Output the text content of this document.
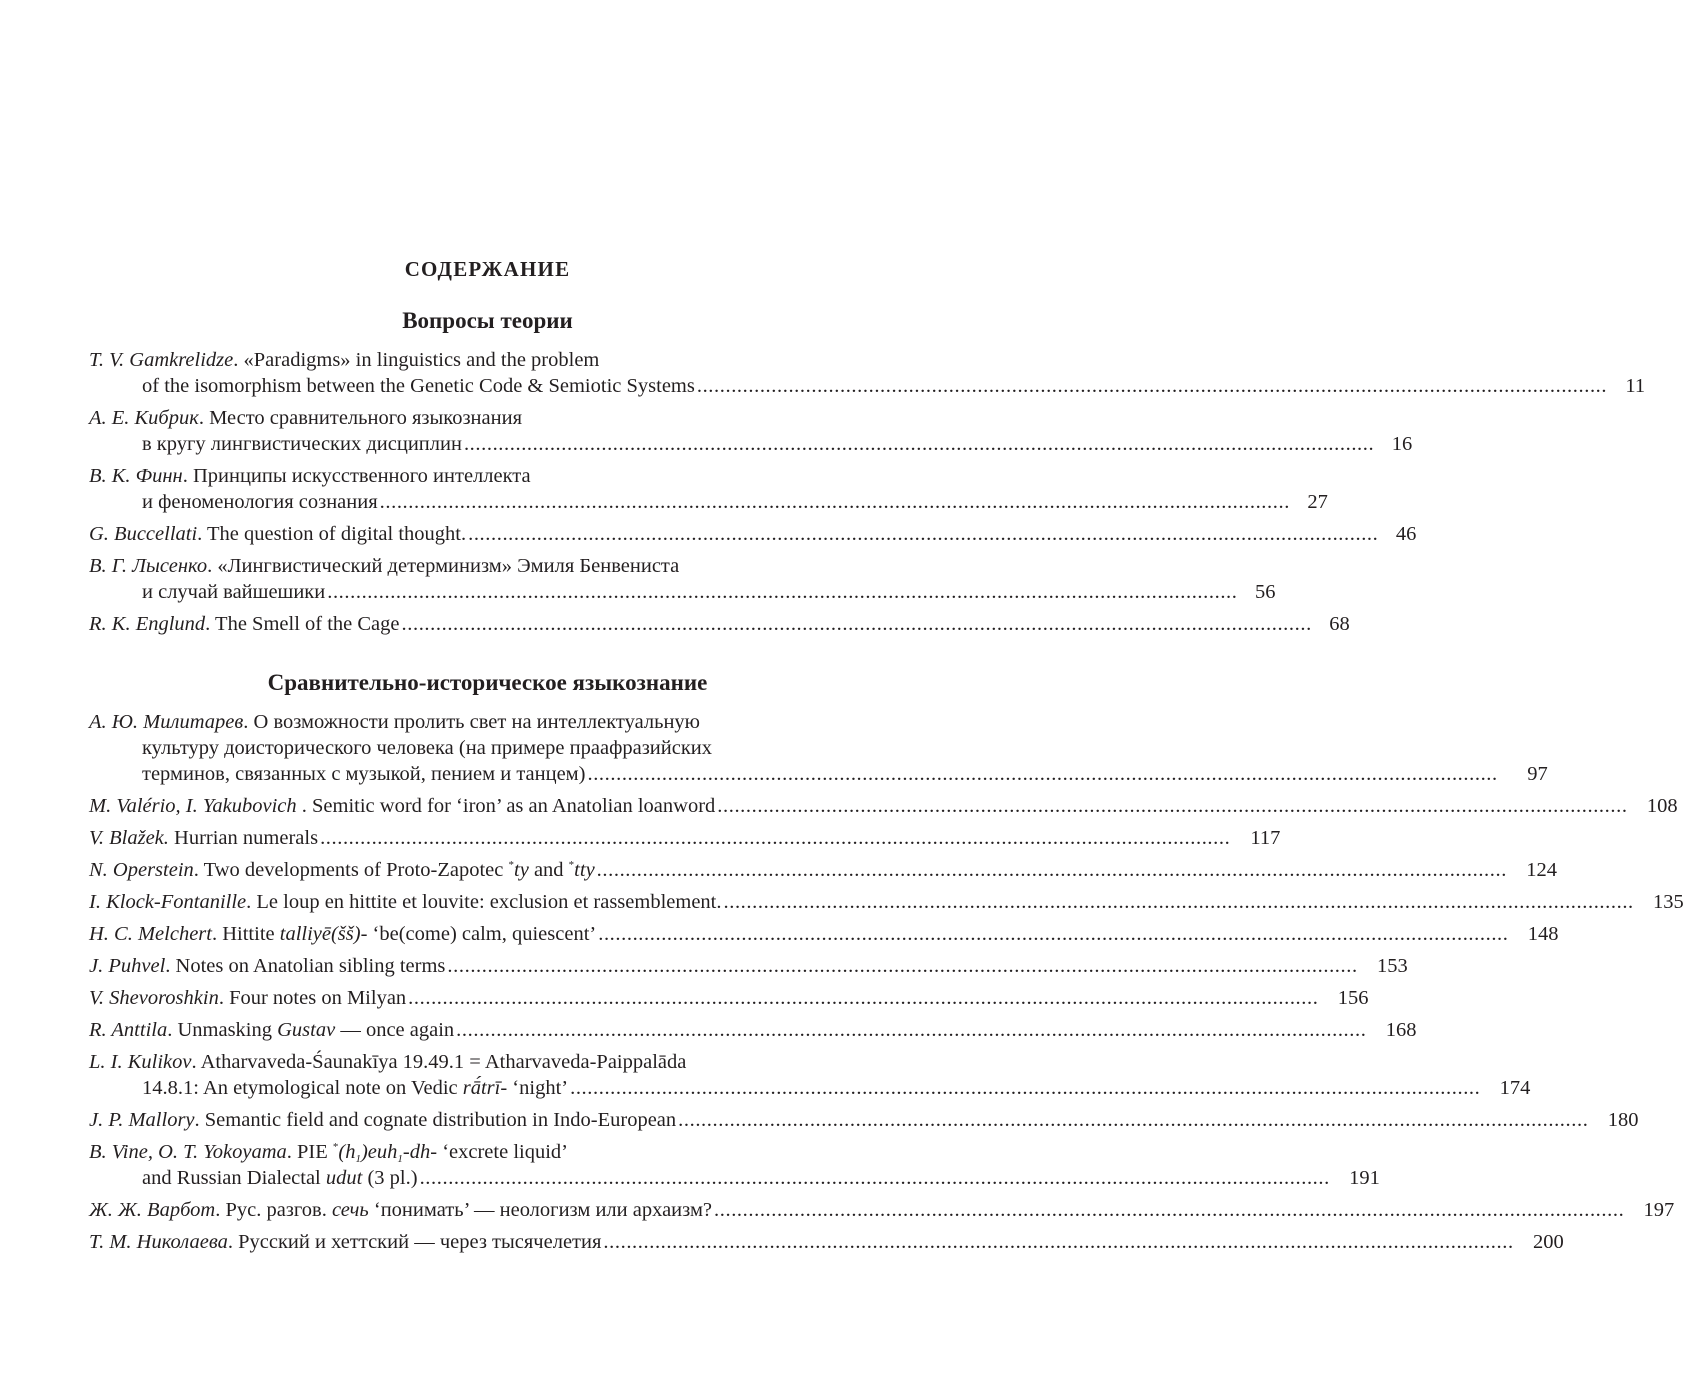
СОДЕРЖАНИЕ
Вопросы теории
T. V. Gamkrelidze. «Paradigms» in linguistics and the problem
of the isomorphism between the Genetic Code & Semiotic Systems ............................................................................................................................................................... 11
А. Е. Кибрик. Место сравнительного языкознания
в кругу лингвистических дисциплин ............................................................................................................................................................... 16
В. К. Финн. Принципы искусственного интеллекта
и феноменология сознания ............................................................................................................................................................... 27
G. Buccellati. The question of digital thought. ............................................................................................................................................................... 46
В. Г. Лысенко. «Лингвистический детерминизм» Эмиля Бенвениста
и случай вайшешики ............................................................................................................................................................... 56
R. K. Englund. The Smell of the Cage ............................................................................................................................................................... 68
Сравнительно-историческое языкознание
А. Ю. Милитарев. О возможности пролить свет на интеллектуальную
культуру доисторического человека (на примере праафразийских
терминов, связанных с музыкой, пением и танцем) ...............................................................................................................................................................	97
M. Valério, I. Yakubovich . Semitic word for ‘iron’ as an Anatolian loanword ............................................................................................................................................................... 108
V. Blažek. Hurrian numerals ............................................................................................................................................................... 117
N. Operstein. Two developments of Proto-Zapotec *ty and *tty ............................................................................................................................................................... 124
I. Klock-Fontanille. Le loup en hittite et louvite: exclusion et rassemblement. ............................................................................................................................................................... 135
H. C. Melchert. Hittite talliyē(šš)- ‘be(come) calm, quiescent’ ............................................................................................................................................................... 148
J. Puhvel. Notes on Anatolian sibling terms ............................................................................................................................................................... 153
V. Shevoroshkin. Four notes on Milyan ............................................................................................................................................................... 156
R. Anttila. Unmasking Gustav — once again ............................................................................................................................................................... 168
L. I. Kulikov. Atharvaveda-Śaunakīya 19.49.1 = Atharvaveda-Paippalāda
14.8.1: An etymological note on Vedic rā́trī- ‘night’ ............................................................................................................................................................... 174
J. P. Mallory. Semantic field and cognate distribution in Indo-European ............................................................................................................................................................... 180
B. Vine, O. T. Yokoyama. PIE $^*(h_1)euh_1-dh-$ ‘excrete liquid’
and Russian Dialectal udut (3 pl.) ............................................................................................................................................................... 191
Ж. Ж. Варбот. Рус. разгов. сечь ‘понимать’ — неологизм или архаизм? ............................................................................................................................................................... 197
Т. М. Николаева. Русский и хеттский — через тысячелетия ............................................................................................................................................................... 200
